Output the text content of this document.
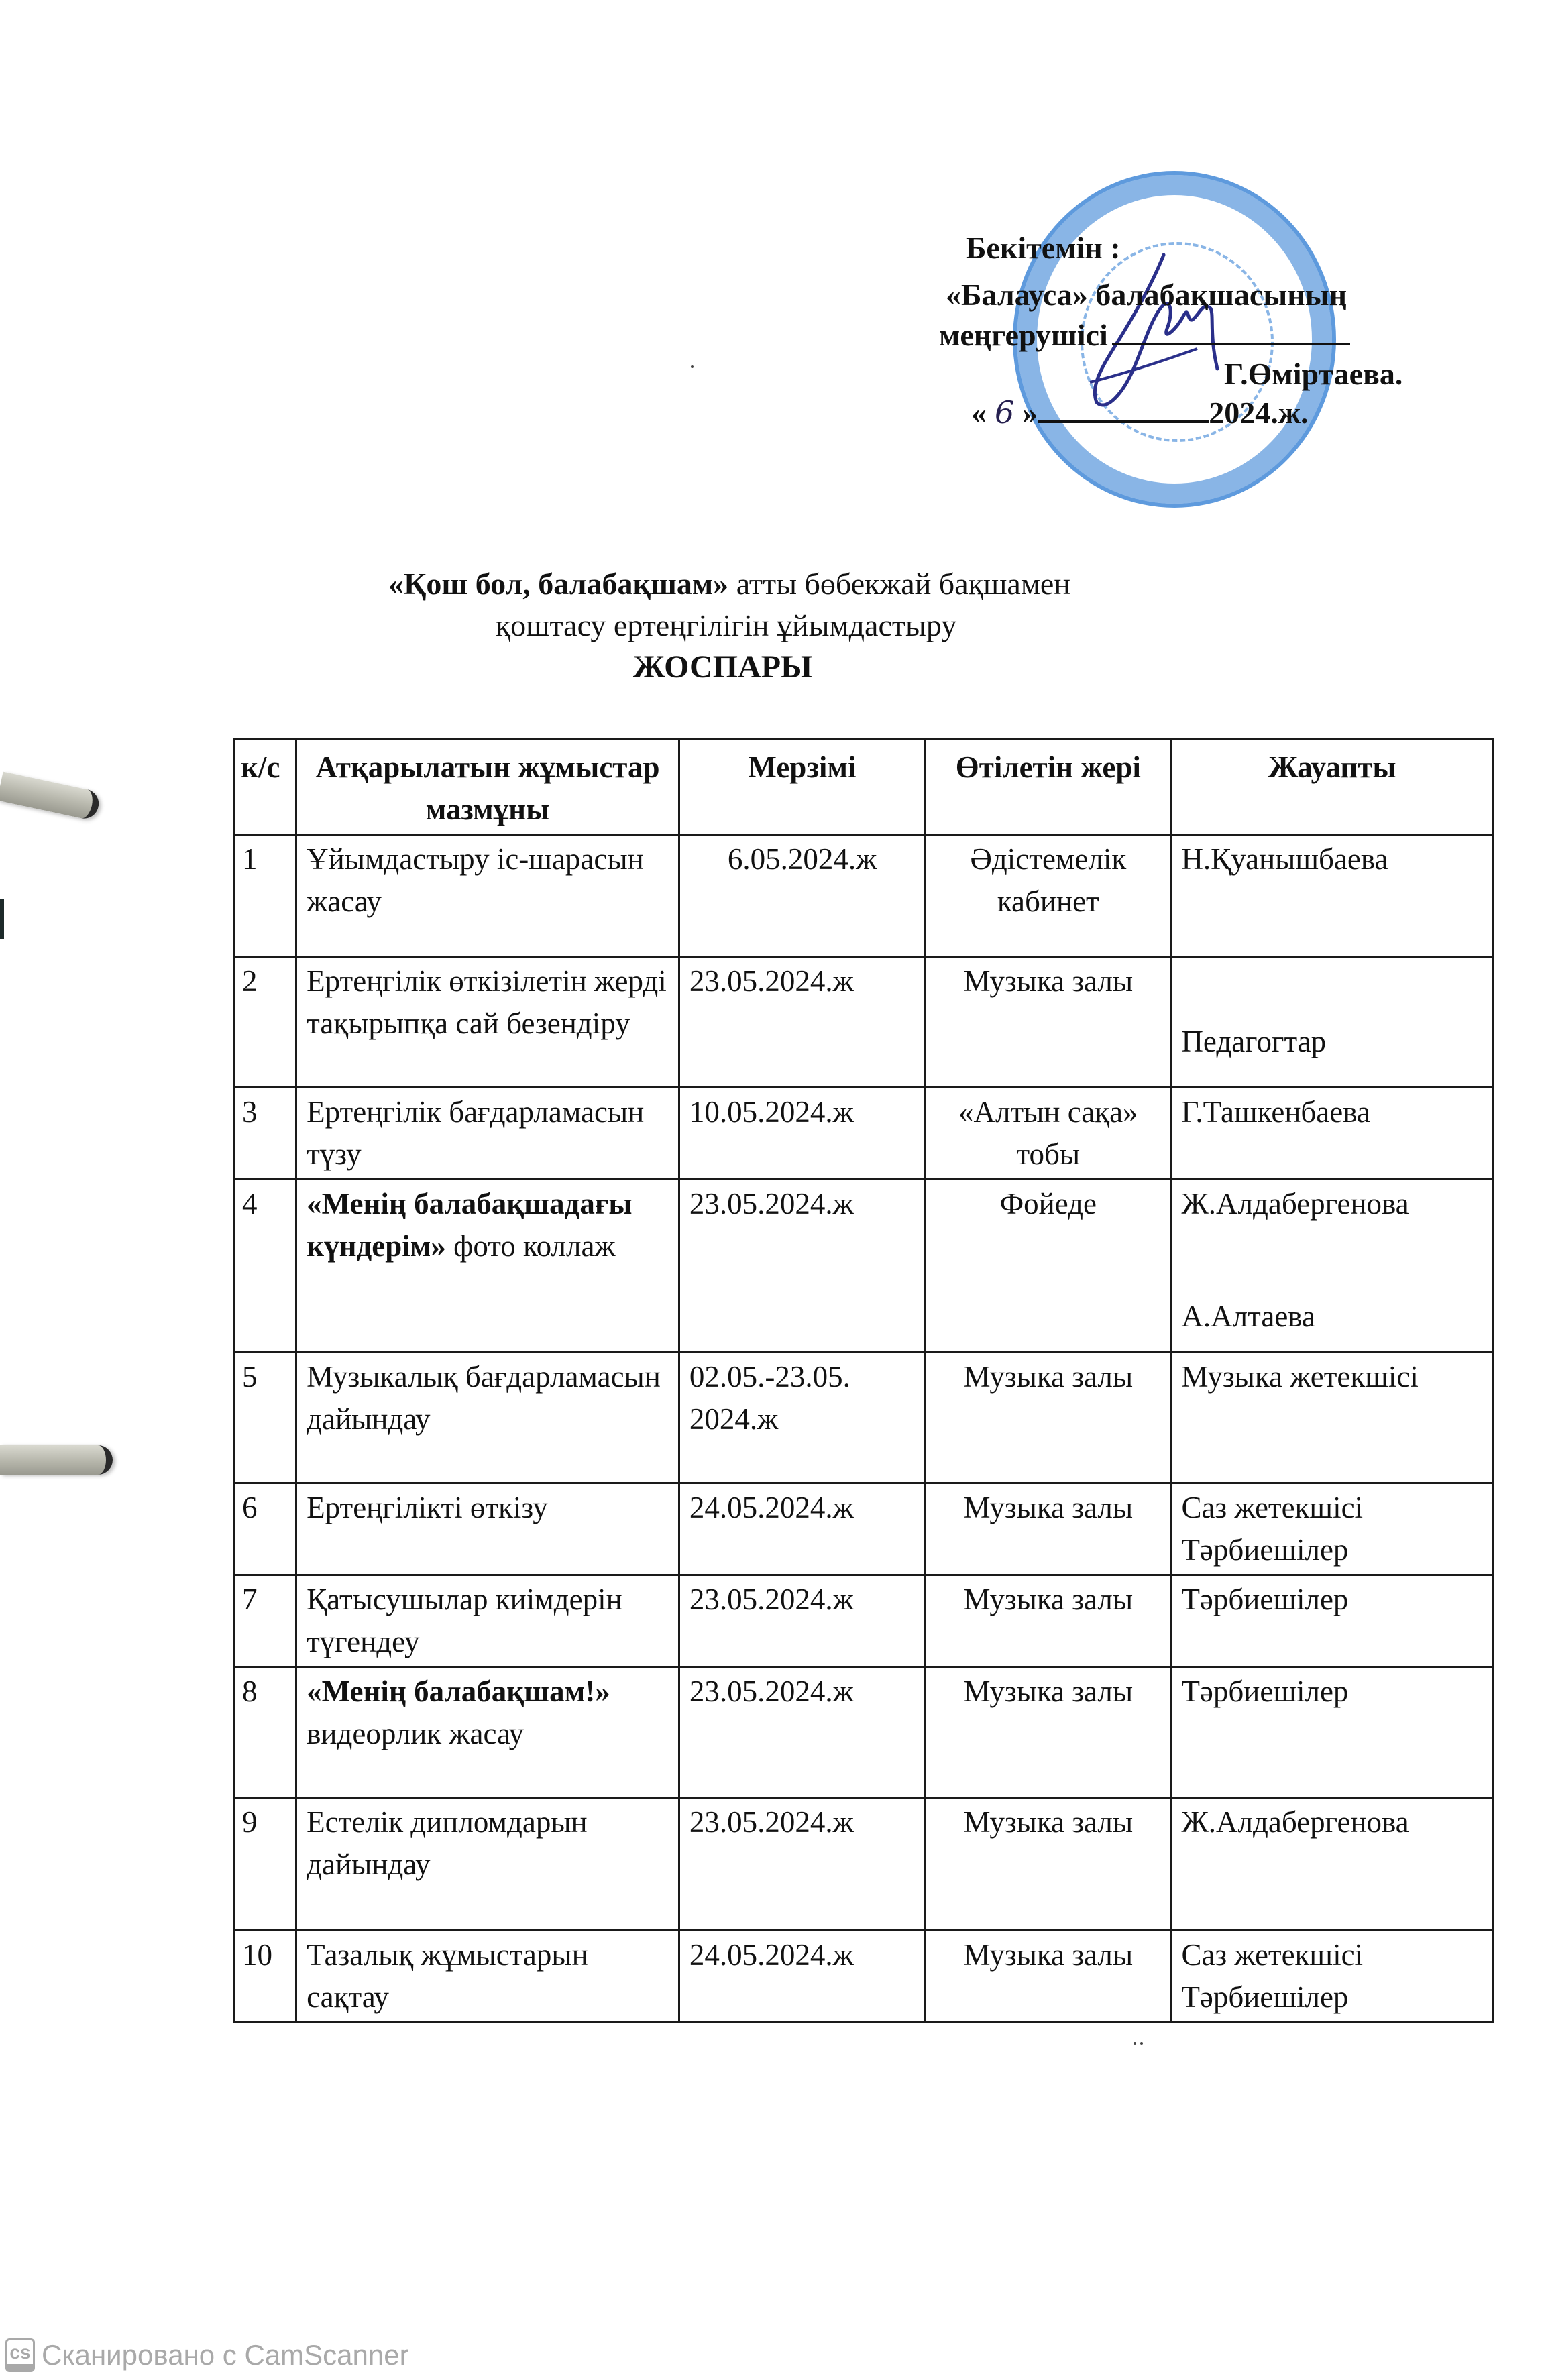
Бекітемін :
«Балауса» балабақшасының
меңгерушісі
Г.Өміртаева.
« 6 »	2024.ж.
«Қош бол, балабақшам» атты бөбекжай бақшамен
қоштасу ертеңгілігін ұйымдастыру
ЖОСПАРЫ
к/с	Атқарылатын жұмыстар мазмұны	Мерзімі	Өтілетін жері	Жауапты
1	Ұйымдастыру іс-шарасын жасау	6.05.2024.ж	Әдістемелік кабинет	Н.Қуанышбаева

2	Ертеңгілік өткізілетін жерді тақырыпқа сай безендіру	23.05.2024.ж	Музыка залы	Педагогтар

3	Ертеңгілік бағдарламасын түзу	10.05.2024.ж	«Алтын сақа» тобы	Г.Ташкенбаева

4	«Менің балабақшадағы күндерім» фото коллаж	23.05.2024.ж	Фойеде	Ж.Алдабергенова
А.Алтаева

5	Музыкалық бағдарламасын дайындау	02.05.-23.05. 2024.ж	Музыка залы	Музыка жетекшісі

6	Ертеңгілікті өткізу	24.05.2024.ж	Музыка залы	Саз жетекшісі
Тәрбиешілер

7	Қатысушылар киімдерін түгендеу	23.05.2024.ж	Музыка залы	Тәрбиешілер

8	«Менің балабақшам!» видеорлик жасау	23.05.2024.ж	Музыка залы	Тәрбиешілер

9	Естелік дипломдарын дайындау	23.05.2024.ж	Музыка залы	Ж.Алдабергенова

10	Тазалық жұмыстарын сақтау	24.05.2024.ж	Музыка залы	Саз жетекшісі
Тәрбиешілер
cs Сканировано с CamScanner
